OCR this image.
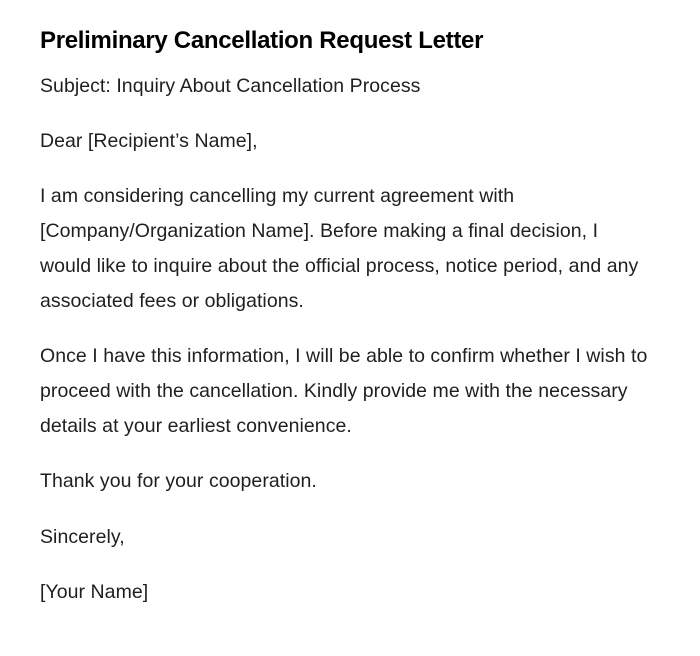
Preliminary Cancellation Request Letter

Subject: Inquiry About Cancellation Process

Dear [Recipient’s Name],

I am considering cancelling my current agreement with [Company/Organization Name]. Before making a final decision, I would like to inquire about the official process, notice period, and any associated fees or obligations.

Once I have this information, I will be able to confirm whether I wish to proceed with the cancellation. Kindly provide me with the necessary details at your earliest convenience.

Thank you for your cooperation.

Sincerely,

[Your Name]
